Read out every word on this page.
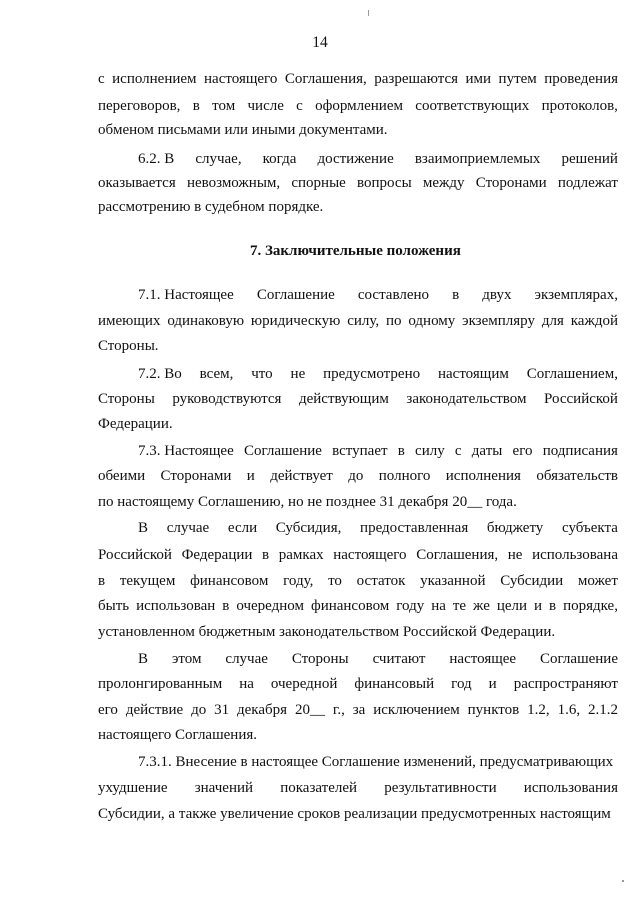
14
7. Заключительные положения
с исполнением настоящего Соглашения, разрешаются ими путем проведения
переговоров, в том числе с оформлением соответствующих протоколов,
обменом письмами или иными документами.
6.2. В случае, когда достижение взаимоприемлемых решений
оказывается невозможным, спорные вопросы между Сторонами подлежат
рассмотрению в судебном порядке.
7.1. Настоящее Соглашение составлено в двух экземплярах,
имеющих одинаковую юридическую силу, по одному экземпляру для каждой
Стороны.
7.2. Во всем, что не предусмотрено настоящим Соглашением,
Стороны руководствуются действующим законодательством Российской
Федерации.
7.3. Настоящее Соглашение вступает в силу с даты его подписания
обеими Сторонами и действует до полного исполнения обязательств
по настоящему Соглашению, но не позднее 31 декабря 20__ года.
В случае если Субсидия, предоставленная бюджету субъекта
Российской Федерации в рамках настоящего Соглашения, не использована
в текущем финансовом году, то остаток указанной Субсидии может
быть использован в очередном финансовом году на те же цели и в порядке,
установленном бюджетным законодательством Российской Федерации.
В этом случае Стороны считают настоящее Соглашение
пролонгированным на очередной финансовый год и распространяют
его действие до 31 декабря 20__ г., за исключением пунктов 1.2, 1.6, 2.1.2
настоящего Соглашения.
7.3.1. Внесение в настоящее Соглашение изменений, предусматривающих
ухудшение значений показателей результативности использования
Субсидии, а также увеличение сроков реализации предусмотренных настоящим
